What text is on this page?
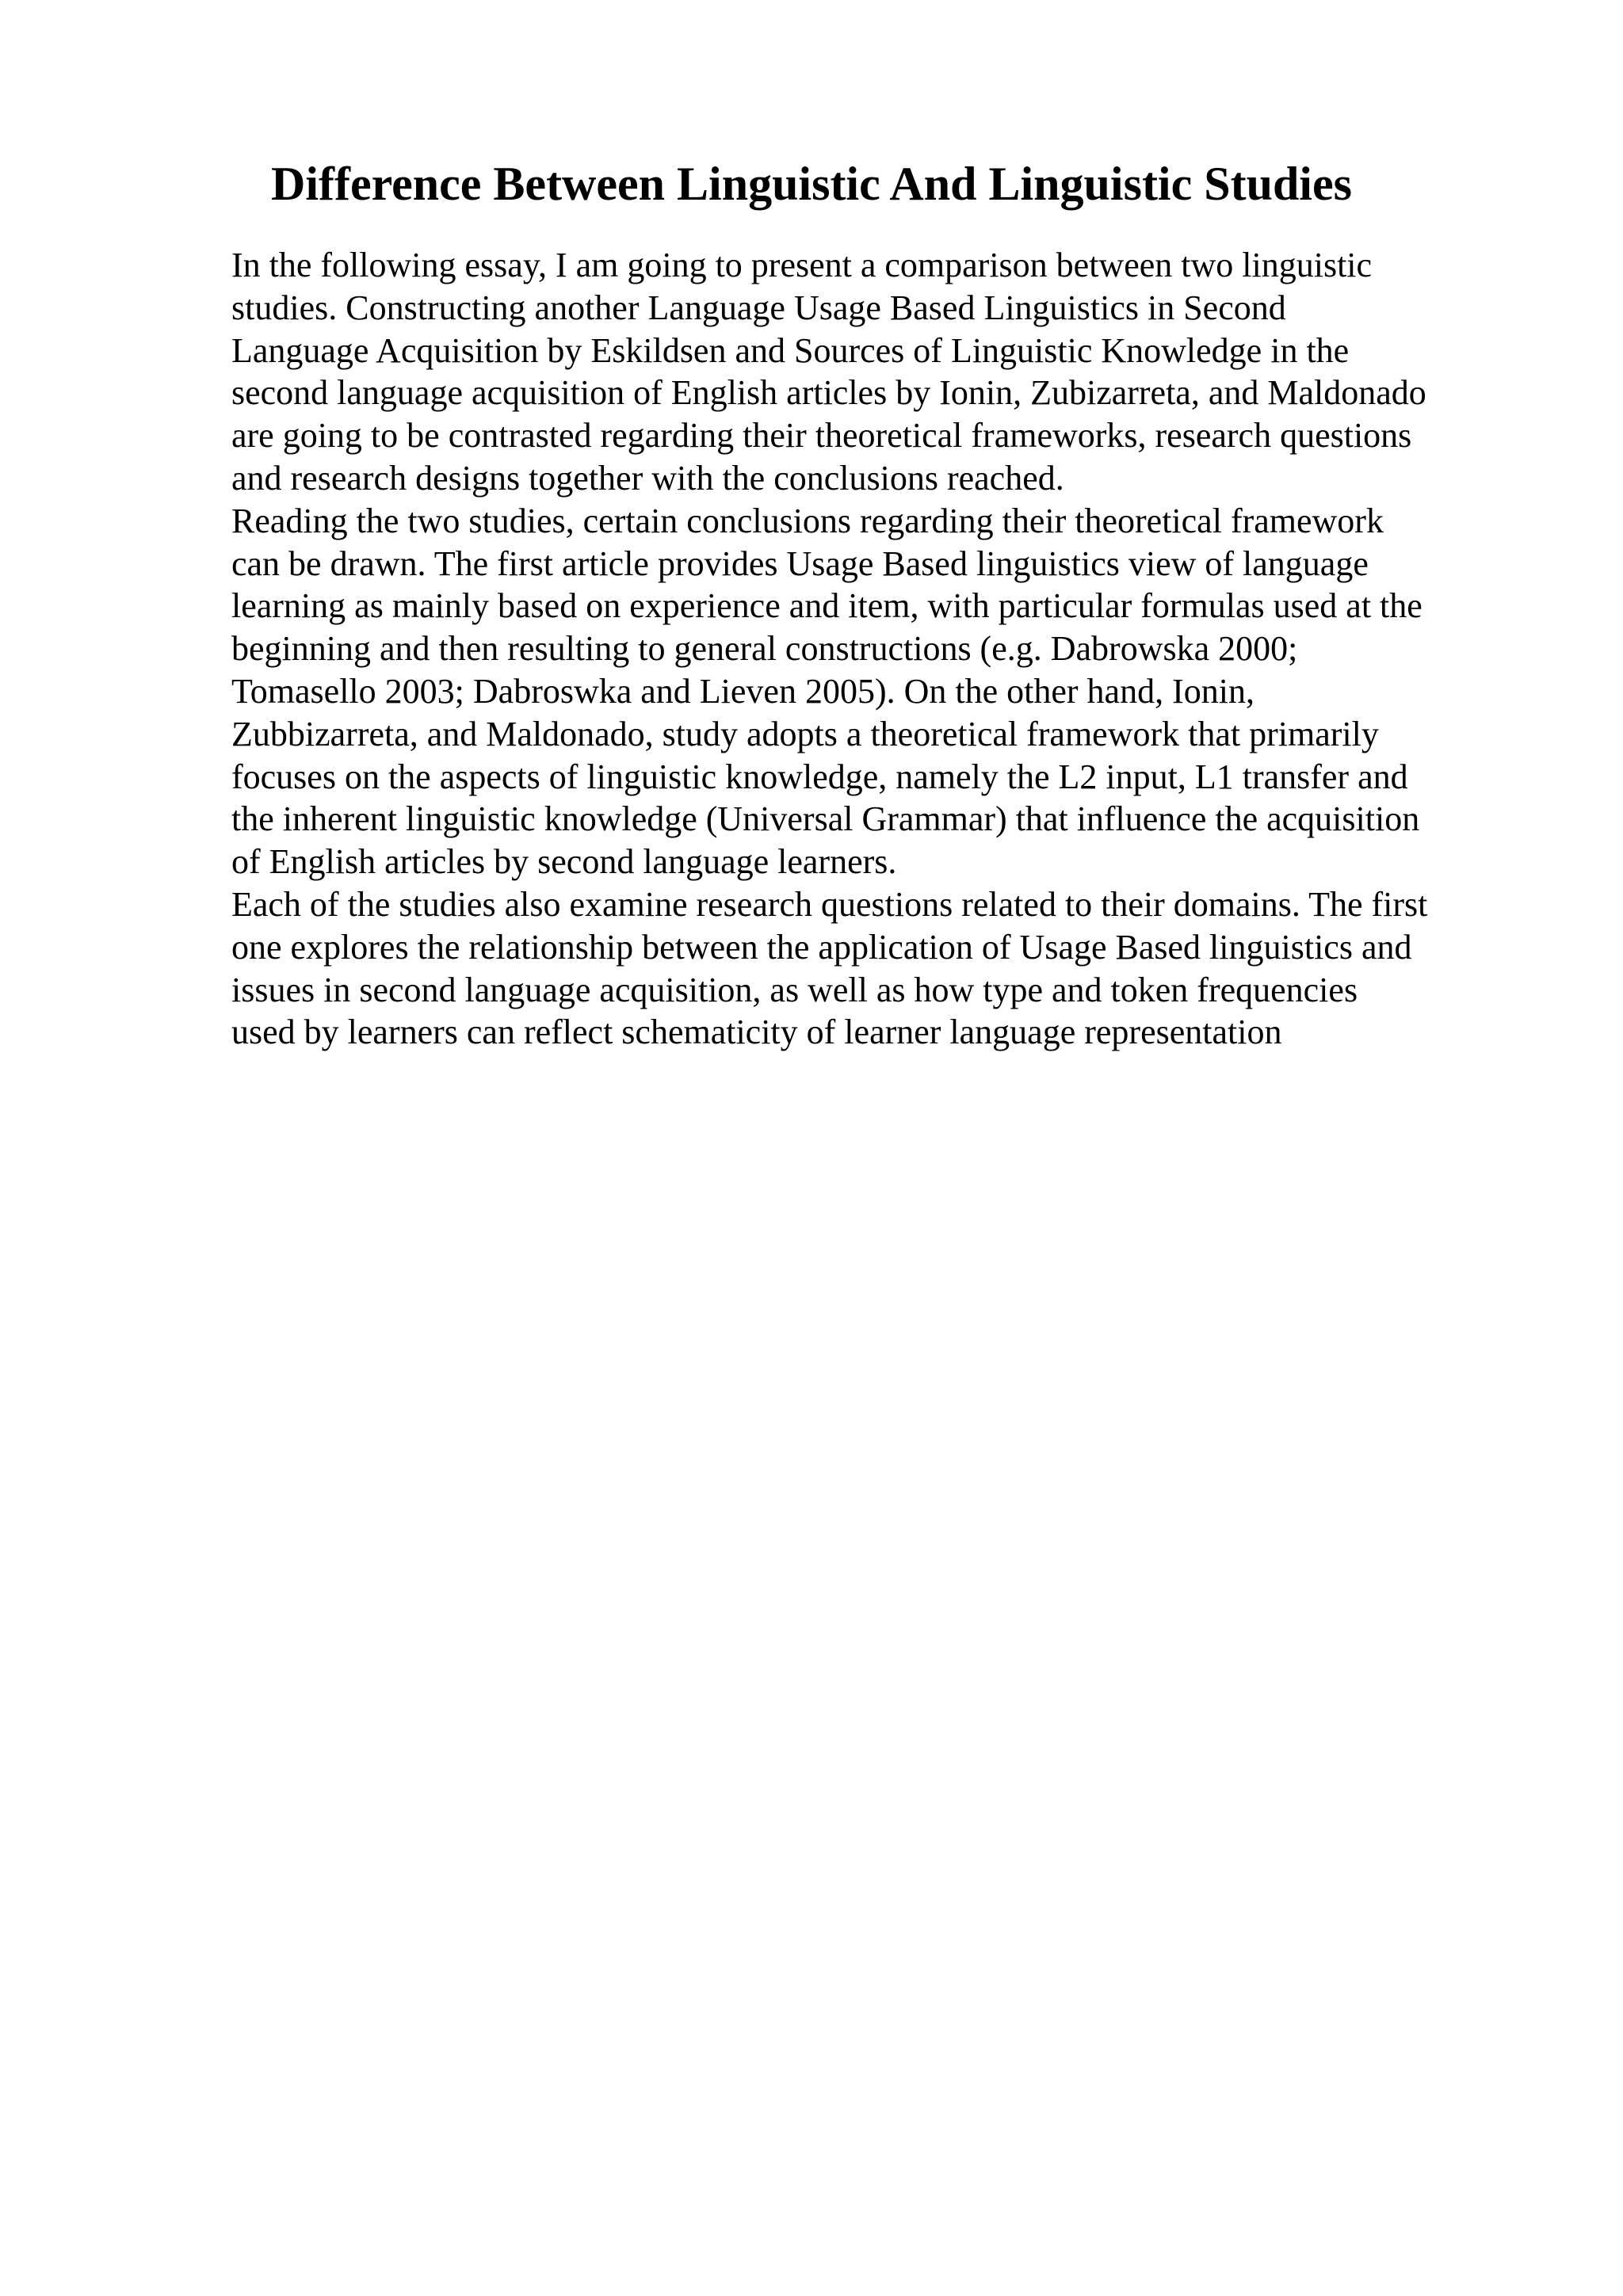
Difference Between Linguistic And Linguistic Studies

In the following essay, I am going to present a comparison between two linguistic
studies. Constructing another Language Usage Based Linguistics in Second
Language Acquisition by Eskildsen and Sources of Linguistic Knowledge in the
second language acquisition of English articles by Ionin, Zubizarreta, and Maldonado
are going to be contrasted regarding their theoretical frameworks, research questions
and research designs together with the conclusions reached.

Reading the two studies, certain conclusions regarding their theoretical framework
can be drawn. The first article provides Usage Based linguistics view of language
learning as mainly based on experience and item, with particular formulas used at the
beginning and then resulting to general constructions (e.g. Dabrowska 2000;
Tomasello 2003; Dabroswka and Lieven 2005). On the other hand, Ionin,
Zubbizarreta, and Maldonado, study adopts a theoretical framework that primarily
focuses on the aspects of linguistic knowledge, namely the L2 input, L1 transfer and
the inherent linguistic knowledge (Universal Grammar) that influence the acquisition
of English articles by second language learners.

Each of the studies also examine research questions related to their domains. The first
one explores the relationship between the application of Usage Based linguistics and
issues in second language acquisition, as well as how type and token frequencies
used by learners can reflect schematicity of learner language representation
